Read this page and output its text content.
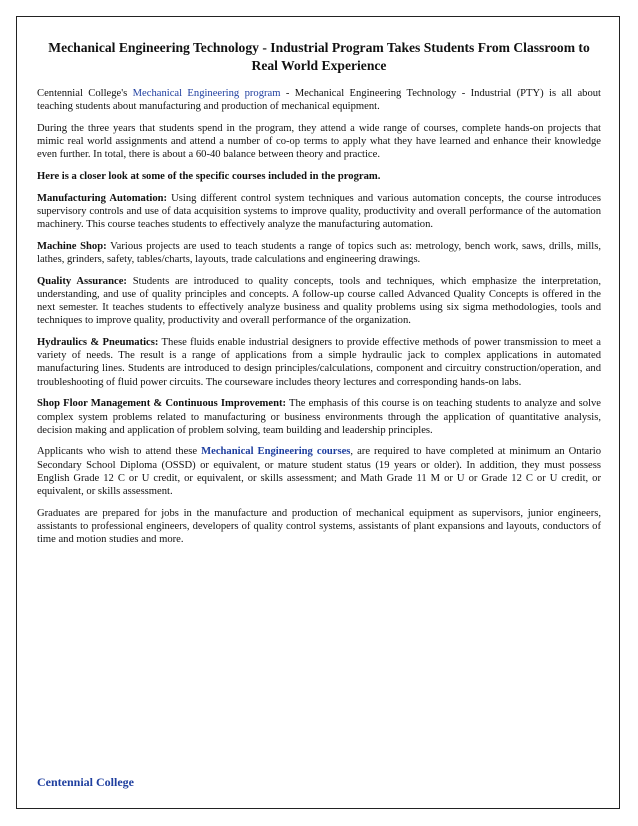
Mechanical Engineering Technology - Industrial Program Takes Students From Classroom to Real World Experience

Centennial College's Mechanical Engineering program - Mechanical Engineering Technology - Industrial (PTY) is all about teaching students about manufacturing and production of mechanical equipment.

During the three years that students spend in the program, they attend a wide range of courses, complete hands-on projects that mimic real world assignments and attend a number of co-op terms to apply what they have learned and enhance their knowledge even further. In total, there is about a 60-40 balance between theory and practice.

Here is a closer look at some of the specific courses included in the program.

Manufacturing Automation: Using different control system techniques and various automation concepts, the course introduces supervisory controls and use of data acquisition systems to improve quality, productivity and overall performance of the automation machinery. This course teaches students to effectively analyze the manufacturing automation.

Machine Shop: Various projects are used to teach students a range of topics such as: metrology, bench work, saws, drills, mills, lathes, grinders, safety, tables/charts, layouts, trade calculations and engineering drawings.

Quality Assurance: Students are introduced to quality concepts, tools and techniques, which emphasize the interpretation, understanding, and use of quality principles and concepts. A follow-up course called Advanced Quality Concepts is offered in the next semester. It teaches students to effectively analyze business and quality problems using six sigma methodologies, tools and techniques to improve quality, productivity and overall performance of the organization.

Hydraulics & Pneumatics: These fluids enable industrial designers to provide effective methods of power transmission to meet a variety of needs. The result is a range of applications from a simple hydraulic jack to complex applications in automated manufacturing lines. Students are introduced to design principles/calculations, component and circuitry construction/operation, and troubleshooting of fluid power circuits. The courseware includes theory lectures and corresponding hands-on labs.

Shop Floor Management & Continuous Improvement: The emphasis of this course is on teaching students to analyze and solve complex system problems related to manufacturing or business environments through the application of quantitative analysis, decision making and application of problem solving, team building and leadership principles.

Applicants who wish to attend these Mechanical Engineering courses, are required to have completed at minimum an Ontario Secondary School Diploma (OSSD) or equivalent, or mature student status (19 years or older). In addition, they must possess English Grade 12 C or U credit, or equivalent, or skills assessment; and Math Grade 11 M or U or Grade 12 C or U credit, or equivalent, or skills assessment.

Graduates are prepared for jobs in the manufacture and production of mechanical equipment as supervisors, junior engineers, assistants to professional engineers, developers of quality control systems, assistants of plant expansions and layouts, conductors of time and motion studies and more.

Centennial College
